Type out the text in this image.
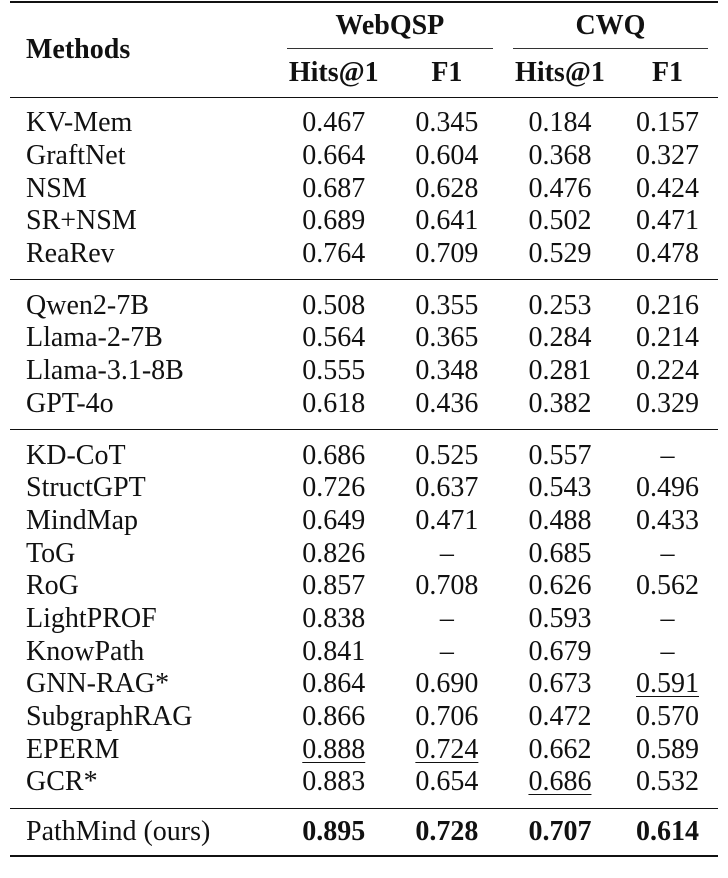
Methods	WebQSP		CWQ	

	Hits@1	F1	Hits@1	F1

KV-Mem	0.467	0.345	0.184	0.157
GraftNet	0.664	0.604	0.368	0.327
NSM	0.687	0.628	0.476	0.424
SR+NSM	0.689	0.641	0.502	0.471
ReaRev	0.764	0.709	0.529	0.478

Qwen2-7B	0.508	0.355	0.253	0.216
Llama-2-7B	0.564	0.365	0.284	0.214
Llama-3.1-8B	0.555	0.348	0.281	0.224
GPT-4o	0.618	0.436	0.382	0.329

KD-CoT	0.686	0.525	0.557	–
StructGPT	0.726	0.637	0.543	0.496
MindMap	0.649	0.471	0.488	0.433
ToG	0.826	–	0.685	–
RoG	0.857	0.708	0.626	0.562
LightPROF	0.838	–	0.593	–
KnowPath	0.841	–	0.679	–
GNN-RAG*	0.864	0.690	0.673	0.591
SubgraphRAG	0.866	0.706	0.472	0.570
EPERM	0.888	0.724	0.662	0.589
GCR*	0.883	0.654	0.686	0.532

PathMind (ours)	0.895	0.728	0.707	0.614
